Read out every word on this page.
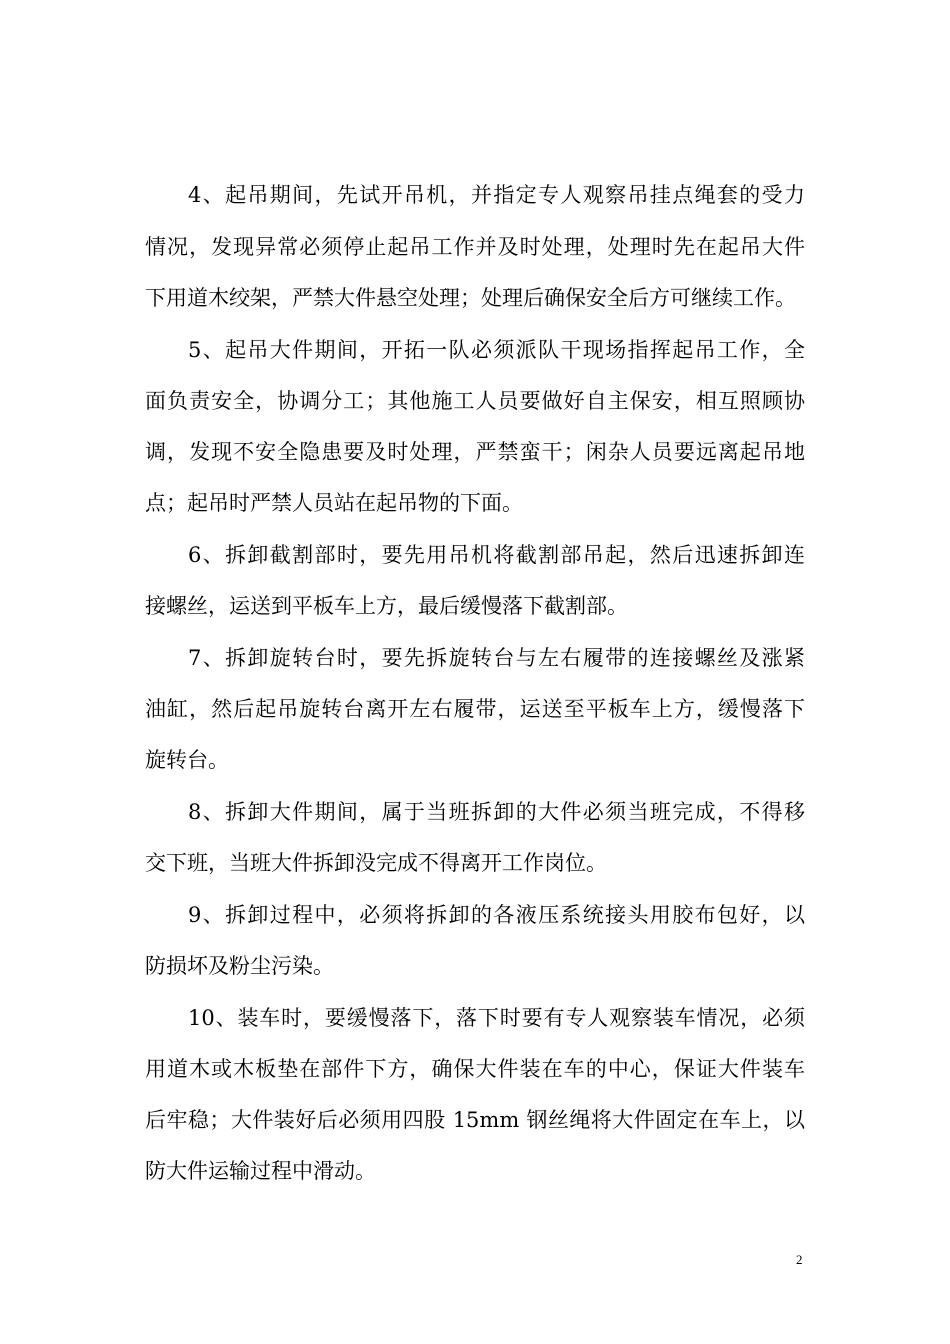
4、起吊期间，先试开吊机，并指定专人观察吊挂点绳套的受力
情况，发现异常必须停止起吊工作并及时处理，处理时先在起吊大件
下用道木绞架，严禁大件悬空处理；处理后确保安全后方可继续工作。
5、起吊大件期间，开拓一队必须派队干现场指挥起吊工作，全
面负责安全，协调分工；其他施工人员要做好自主保安，相互照顾协
调，发现不安全隐患要及时处理，严禁蛮干；闲杂人员要远离起吊地
点；起吊时严禁人员站在起吊物的下面。
6、拆卸截割部时，要先用吊机将截割部吊起，然后迅速拆卸连
接螺丝，运送到平板车上方，最后缓慢落下截割部。
7、拆卸旋转台时，要先拆旋转台与左右履带的连接螺丝及涨紧
油缸，然后起吊旋转台离开左右履带，运送至平板车上方，缓慢落下
旋转台。
8、拆卸大件期间，属于当班拆卸的大件必须当班完成，不得移
交下班，当班大件拆卸没完成不得离开工作岗位。
9、拆卸过程中，必须将拆卸的各液压系统接头用胶布包好，以
防损坏及粉尘污染。
10、装车时，要缓慢落下，落下时要有专人观察装车情况，必须
用道木或木板垫在部件下方，确保大件装在车的中心，保证大件装车
后牢稳；大件装好后必须用四股 15mm 钢丝绳将大件固定在车上，以
防大件运输过程中滑动。
2
